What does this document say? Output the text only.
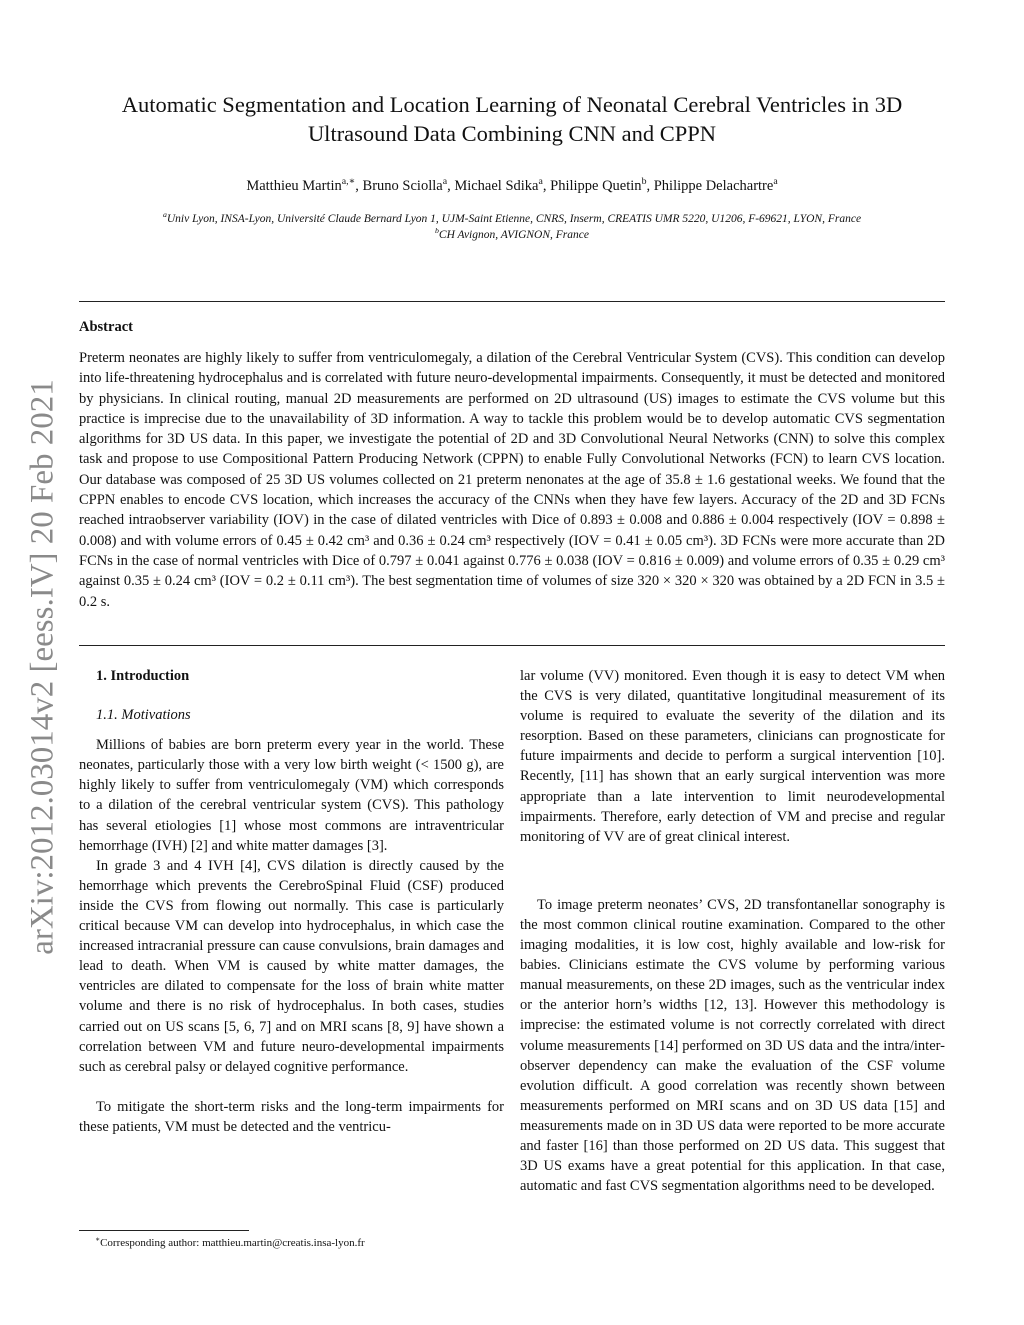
arXiv:2012.03014v2 [eess.IV] 20 Feb 2021
Automatic Segmentation and Location Learning of Neonatal Cerebral Ventricles in 3D Ultrasound Data Combining CNN and CPPN
Matthieu Martin$^{a,∗}$, Bruno Sciolla$^a$, Michael Sdika$^a$, Philippe Quetin$^b$, Philippe Delachartre$^a$
$^a$Univ Lyon, INSA-Lyon, Université Claude Bernard Lyon 1, UJM-Saint Etienne, CNRS, Inserm, CREATIS UMR 5220, U1206, F-69621, LYON, France
$^b$CH Avignon, AVIGNON, France
Abstract
Preterm neonates are highly likely to suffer from ventriculomegaly, a dilation of the Cerebral Ventricular System (CVS). This condition can develop into life-threatening hydrocephalus and is correlated with future neuro-developmental impairments. Consequently, it must be detected and monitored by physicians. In clinical routing, manual 2D measurements are performed on 2D ultrasound (US) images to estimate the CVS volume but this practice is imprecise due to the unavailability of 3D information. A way to tackle this problem would be to develop automatic CVS segmentation algorithms for 3D US data. In this paper, we investigate the potential of 2D and 3D Convolutional Neural Networks (CNN) to solve this complex task and propose to use Compositional Pattern Producing Network (CPPN) to enable Fully Convolutional Networks (FCN) to learn CVS location. Our database was composed of 25 3D US volumes collected on 21 preterm nenonates at the age of 35.8 ± 1.6 gestational weeks. We found that the CPPN enables to encode CVS location, which increases the accuracy of the CNNs when they have few layers. Accuracy of the 2D and 3D FCNs reached intraobserver variability (IOV) in the case of dilated ventricles with Dice of 0.893 ± 0.008 and 0.886 ± 0.004 respectively (IOV = 0.898 ± 0.008) and with volume errors of 0.45 ± 0.42 cm³ and 0.36 ± 0.24 cm³ respectively (IOV = 0.41 ± 0.05 cm³). 3D FCNs were more accurate than 2D FCNs in the case of normal ventricles with Dice of 0.797 ± 0.041 against 0.776 ± 0.038 (IOV = 0.816 ± 0.009) and volume errors of 0.35 ± 0.29 cm³ against 0.35 ± 0.24 cm³ (IOV = 0.2 ± 0.11 cm³). The best segmentation time of volumes of size 320 × 320 × 320 was obtained by a 2D FCN in 3.5 ± 0.2 s.

1. Introduction

1.1. Motivations

Millions of babies are born preterm every year in the world. These neonates, particularly those with a very low birth weight (< 1500 g), are highly likely to suffer from ventriculomegaly (VM) which corresponds to a dilation of the cerebral ventricular system (CVS). This pathology has several etiologies [1] whose most commons are intraventricular hemorrhage (IVH) [2] and white matter damages [3].

In grade 3 and 4 IVH [4], CVS dilation is directly caused by the hemorrhage which prevents the CerebroSpinal Fluid (CSF) produced inside the CVS from flowing out normally. This case is particularly critical because VM can develop into hydrocephalus, in which case the increased intracranial pressure can cause convulsions, brain damages and lead to death. When VM is caused by white matter damages, the ventricles are dilated to compensate for the loss of brain white matter volume and there is no risk of hydrocephalus. In both cases, studies carried out on US scans [5, 6, 7] and on MRI scans [8, 9] have shown a correlation between VM and future neuro-developmental impairments such as cerebral palsy or delayed cognitive performance.

To mitigate the short-term risks and the long-term impairments for these patients, VM must be detected and the ventricu-

lar volume (VV) monitored. Even though it is easy to detect VM when the CVS is very dilated, quantitative longitudinal measurement of its volume is required to evaluate the severity of the dilation and its resorption. Based on these parameters, clinicians can prognosticate for future impairments and decide to perform a surgical intervention [10]. Recently, [11] has shown that an early surgical intervention was more appropriate than a late intervention to limit neurodevelopmental impairments. Therefore, early detection of VM and precise and regular monitoring of VV are of great clinical interest.

To image preterm neonates’ CVS, 2D transfontanellar sonography is the most common clinical routine examination. Compared to the other imaging modalities, it is low cost, highly available and low-risk for babies. Clinicians estimate the CVS volume by performing various manual measurements, on these 2D images, such as the ventricular index or the anterior horn’s widths [12, 13]. However this methodology is imprecise: the estimated volume is not correctly correlated with direct volume measurements [14] performed on 3D US data and the intra/inter-observer dependency can make the evaluation of the CSF volume evolution difficult. A good correlation was recently shown between measurements performed on MRI scans and on 3D US data [15] and measurements made on in 3D US data were reported to be more accurate and faster [16] than those performed on 2D US data. This suggest that 3D US exams have a great potential for this application. In that case, automatic and fast CVS segmentation algorithms need to be developed.

∗Corresponding author: matthieu.martin@creatis.insa-lyon.fr
